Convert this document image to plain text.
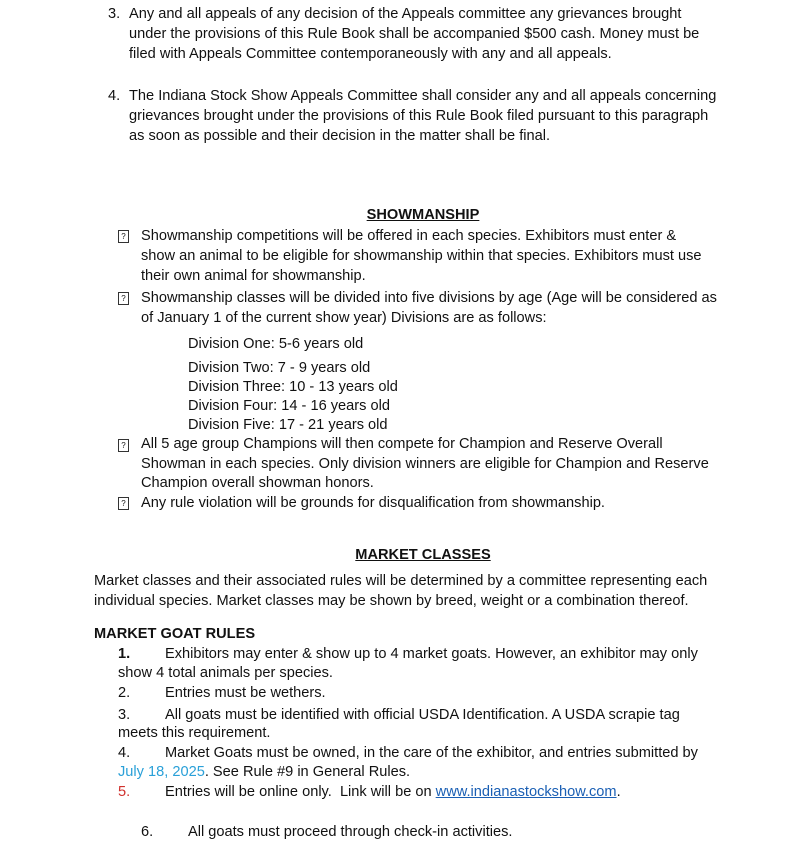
3. Any and all appeals of any decision of the Appeals committee any grievances brought
under the provisions of this Rule Book shall be accompanied $500 cash. Money must be
filed with Appeals Committee contemporaneously with any and all appeals.
4. The Indiana Stock Show Appeals Committee shall consider any and all appeals concerning
grievances brought under the provisions of this Rule Book filed pursuant to this paragraph
as soon as possible and their decision in the matter shall be final.
SHOWMANSHIP
? Showmanship competitions will be offered in each species. Exhibitors must enter &
show an animal to be eligible for showmanship within that species. Exhibitors must use
their own animal for showmanship.
? Showmanship classes will be divided into five divisions by age (Age will be considered as
of January 1 of the current show year) Divisions are as follows:
Division One: 5-6 years old
Division Two: 7 - 9 years old
Division Three: 10 - 13 years old
Division Four: 14 - 16 years old
Division Five: 17 - 21 years old
? All 5 age group Champions will then compete for Champion and Reserve Overall
Showman in each species. Only division winners are eligible for Champion and Reserve
Champion overall showman honors.
? Any rule violation will be grounds for disqualification from showmanship.
MARKET CLASSES
Market classes and their associated rules will be determined by a committee representing each
individual species. Market classes may be shown by breed, weight or a combination thereof.
MARKET GOAT RULES
1. Exhibitors may enter & show up to 4 market goats. However, an exhibitor may only
show 4 total animals per species.
2. Entries must be wethers.
3. All goats must be identified with official USDA Identification. A USDA scrapie tag
meets this requirement.
4. Market Goats must be owned, in the care of the exhibitor, and entries submitted by
July 18, 2025. See Rule #9 in General Rules.
5. Entries will be online only.  Link will be on www.indianastockshow.com.
6. All goats must proceed through check-in activities.
